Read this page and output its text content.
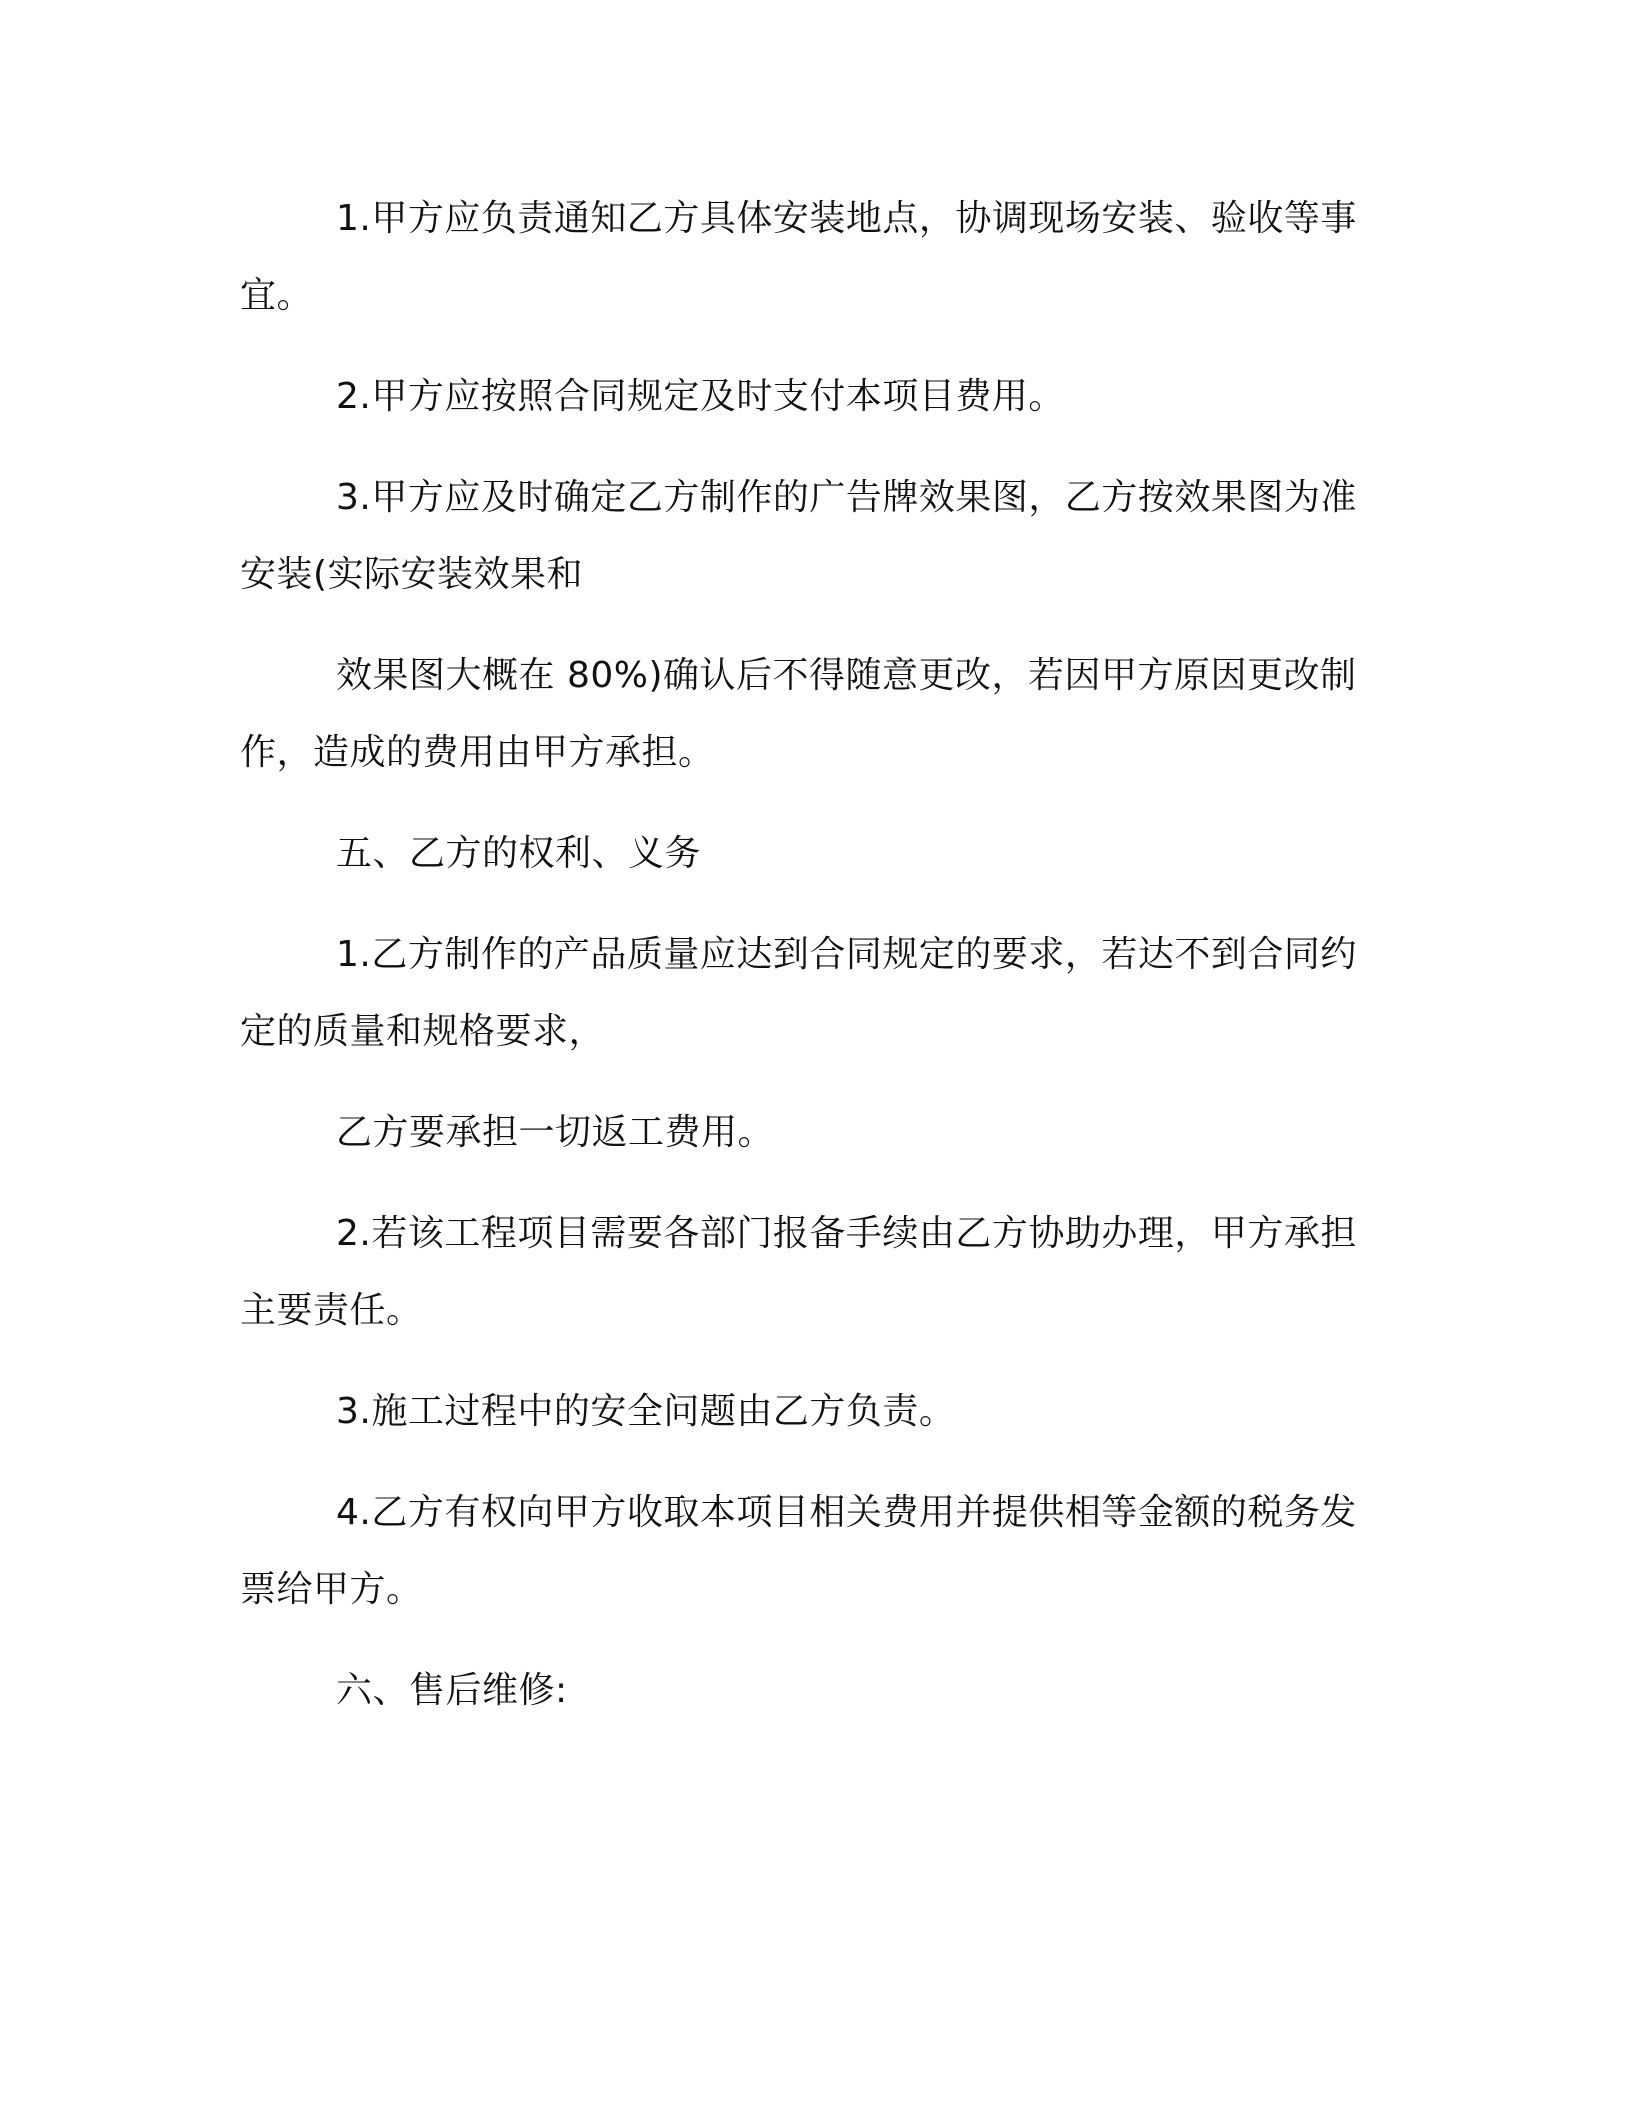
1.甲方应负责通知乙方具体安装地点，协调现场安装、验收等事宜。

2.甲方应按照合同规定及时支付本项目费用。

3.甲方应及时确定乙方制作的广告牌效果图，乙方按效果图为准安装(实际安装效果和

效果图大概在 80%)确认后不得随意更改，若因甲方原因更改制作，造成的费用由甲方承担。

五、乙方的权利、义务

1.乙方制作的产品质量应达到合同规定的要求，若达不到合同约定的质量和规格要求，

乙方要承担一切返工费用。

2.若该工程项目需要各部门报备手续由乙方协助办理，甲方承担主要责任。

3.施工过程中的安全问题由乙方负责。

4.乙方有权向甲方收取本项目相关费用并提供相等金额的税务发票给甲方。

六、售后维修:
